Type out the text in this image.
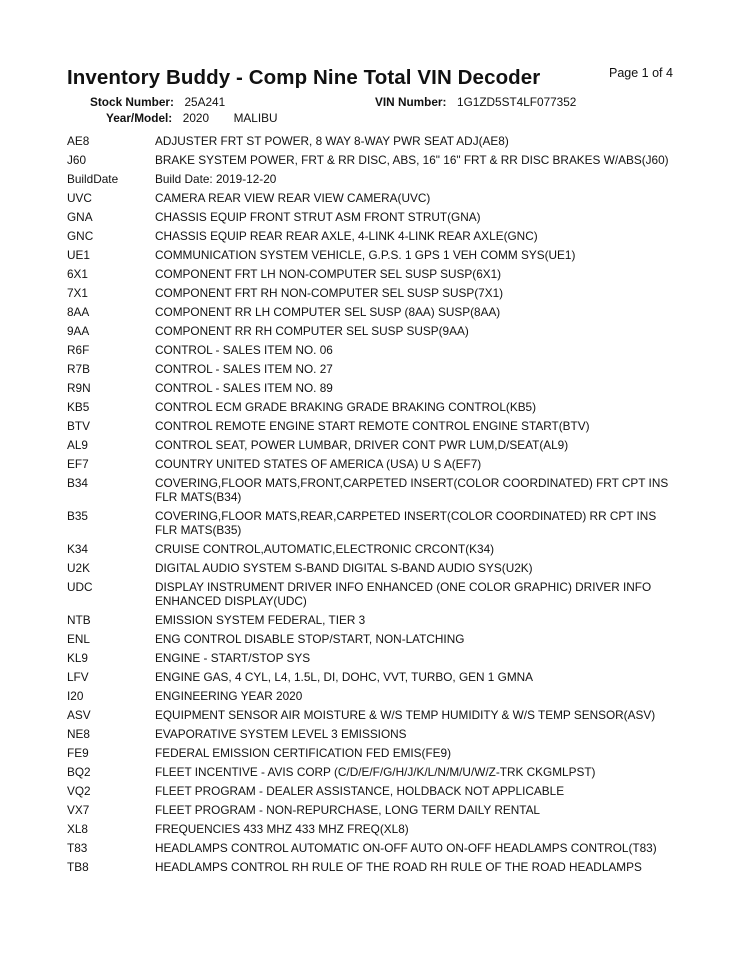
Inventory Buddy - Comp Nine Total VIN Decoder	Page 1 of 4
Stock Number: 25A241	VIN Number: 1G1ZD5ST4LF077352
Year/Model: 2020 MALIBU
AE8	ADJUSTER FRT ST POWER, 8 WAY 8-WAY PWR SEAT ADJ(AE8)
J60	BRAKE SYSTEM POWER, FRT & RR DISC, ABS, 16" 16" FRT & RR DISC BRAKES W/ABS(J60)
BuildDate	Build Date: 2019-12-20
UVC	CAMERA REAR VIEW REAR VIEW CAMERA(UVC)
GNA	CHASSIS EQUIP FRONT STRUT ASM FRONT STRUT(GNA)
GNC	CHASSIS EQUIP REAR REAR AXLE, 4-LINK 4-LINK REAR AXLE(GNC)
UE1	COMMUNICATION SYSTEM VEHICLE, G.P.S. 1 GPS 1 VEH COMM SYS(UE1)
6X1	COMPONENT FRT LH NON-COMPUTER SEL SUSP SUSP(6X1)
7X1	COMPONENT FRT RH NON-COMPUTER SEL SUSP SUSP(7X1)
8AA	COMPONENT RR LH COMPUTER SEL SUSP (8AA) SUSP(8AA)
9AA	COMPONENT RR RH COMPUTER SEL SUSP SUSP(9AA)
R6F	CONTROL - SALES ITEM NO. 06
R7B	CONTROL - SALES ITEM NO. 27
R9N	CONTROL - SALES ITEM NO. 89
KB5	CONTROL ECM GRADE BRAKING GRADE BRAKING CONTROL(KB5)
BTV	CONTROL REMOTE ENGINE START REMOTE CONTROL ENGINE START(BTV)
AL9	CONTROL SEAT, POWER LUMBAR, DRIVER CONT PWR LUM,D/SEAT(AL9)
EF7	COUNTRY UNITED STATES OF AMERICA (USA) U S A(EF7)
B34	COVERING,FLOOR MATS,FRONT,CARPETED INSERT(COLOR COORDINATED) FRT CPT INS FLR MATS(B34)
B35	COVERING,FLOOR MATS,REAR,CARPETED INSERT(COLOR COORDINATED) RR CPT INS FLR MATS(B35)
K34	CRUISE CONTROL,AUTOMATIC,ELECTRONIC CRCONT(K34)
U2K	DIGITAL AUDIO SYSTEM S-BAND DIGITAL S-BAND AUDIO SYS(U2K)
UDC	DISPLAY INSTRUMENT DRIVER INFO ENHANCED (ONE COLOR GRAPHIC) DRIVER INFO ENHANCED DISPLAY(UDC)
NTB	EMISSION SYSTEM FEDERAL, TIER 3
ENL	ENG CONTROL DISABLE STOP/START, NON-LATCHING
KL9	ENGINE - START/STOP SYS
LFV	ENGINE GAS, 4 CYL, L4, 1.5L, DI, DOHC, VVT, TURBO, GEN 1 GMNA
I20	ENGINEERING YEAR 2020
ASV	EQUIPMENT SENSOR AIR MOISTURE & W/S TEMP HUMIDITY & W/S TEMP SENSOR(ASV)
NE8	EVAPORATIVE SYSTEM LEVEL 3 EMISSIONS
FE9	FEDERAL EMISSION CERTIFICATION FED EMIS(FE9)
BQ2	FLEET INCENTIVE - AVIS CORP (C/D/E/F/G/H/J/K/L/N/M/U/W/Z-TRK CKGMLPST)
VQ2	FLEET PROGRAM - DEALER ASSISTANCE, HOLDBACK NOT APPLICABLE
VX7	FLEET PROGRAM - NON-REPURCHASE, LONG TERM DAILY RENTAL
XL8	FREQUENCIES 433 MHZ 433 MHZ FREQ(XL8)
T83	HEADLAMPS CONTROL AUTOMATIC ON-OFF AUTO ON-OFF HEADLAMPS CONTROL(T83)
TB8	HEADLAMPS CONTROL RH RULE OF THE ROAD RH RULE OF THE ROAD HEADLAMPS
